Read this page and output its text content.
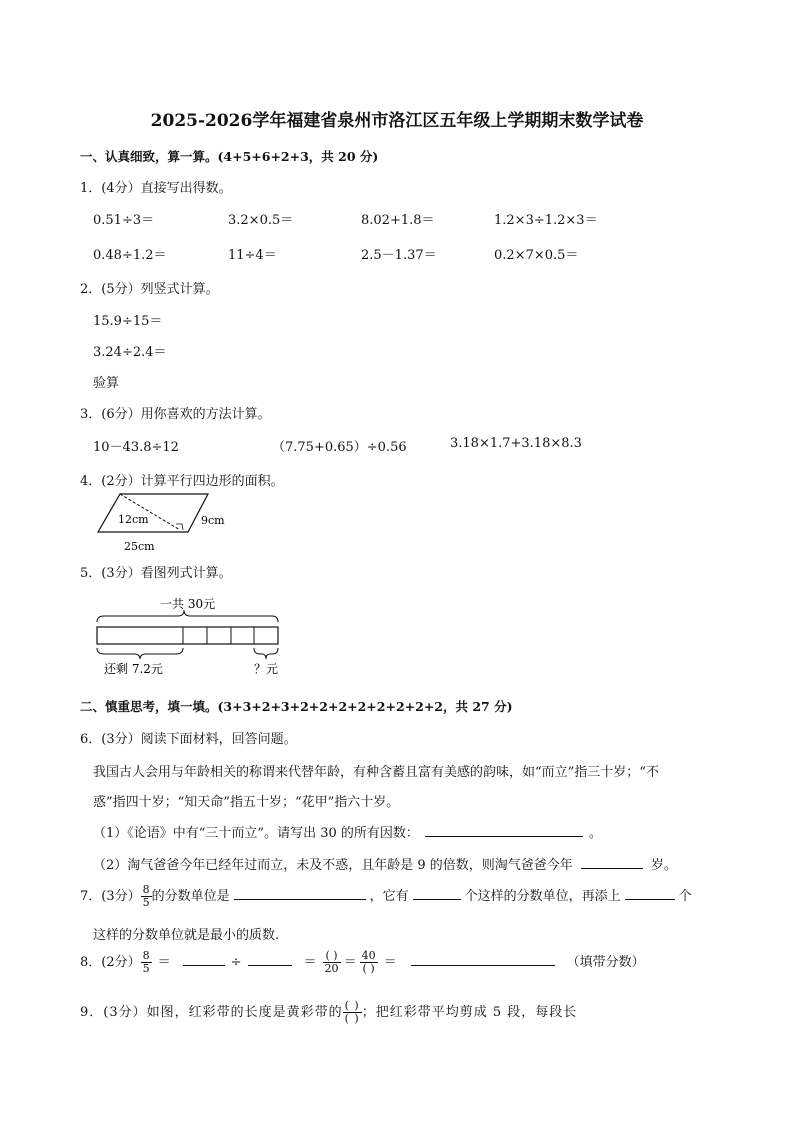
2025-2026学年福建省泉州市洛江区五年级上学期期末数学试卷
一、认真细致，算一算。(4+5+6+2+3，共 20 分)
1．(4分）直接写出得数。
0.51÷3＝	3.2×0.5＝	8.02+1.8＝	1.2×3÷1.2×3＝
0.48÷1.2＝	11÷4＝	2.5－1.37＝	0.2×7×0.5＝
2．(5分）列竖式计算。
15.9÷15＝
3.24÷2.4＝
验算
3．(6分）用你喜欢的方法计算。
10－43.8÷12	（7.75+0.65）÷0.56	3.18×1.7+3.18×8.3
4．(2分）计算平行四边形的面积。
12cm	9cm
25cm
5．(3分）看图列式计算。
一共 30元
还剩 7.2元	？元
二、慎重思考，填一填。(3+3+2+3+2+2+2+2+2+2+2+2，共 27 分)
6．(3分）阅读下面材料，回答问题。
我国古人会用与年龄相关的称谓来代替年龄，有种含蓄且富有美感的韵味，如“而立”指三十岁；“不
惑”指四十岁；“知天命”指五十岁；“花甲”指六十岁。
（1）《论语》中有“三十而立”。请写出 30 的所有因数：	。
（2）淘气爸爸今年已经年过而立，未及不惑，且年龄是 9 的倍数，则淘气爸爸今年	岁。
7．(3分） $\frac{8}{5}$ 的分数单位是	，它有	个这样的分数单位，再添上	个
这样的分数单位就是最小的质数.
8．(2分） $\frac{8}{5}$ ＝	÷	＝ $\frac{( )}{20} = \frac{40}{( )}$ ＝	（填带分数）
9．(3分）如图，红彩带的长度是黄彩带的 $\frac{( )}{( )}$ ；把红彩带平均剪成 5 段，每段长
